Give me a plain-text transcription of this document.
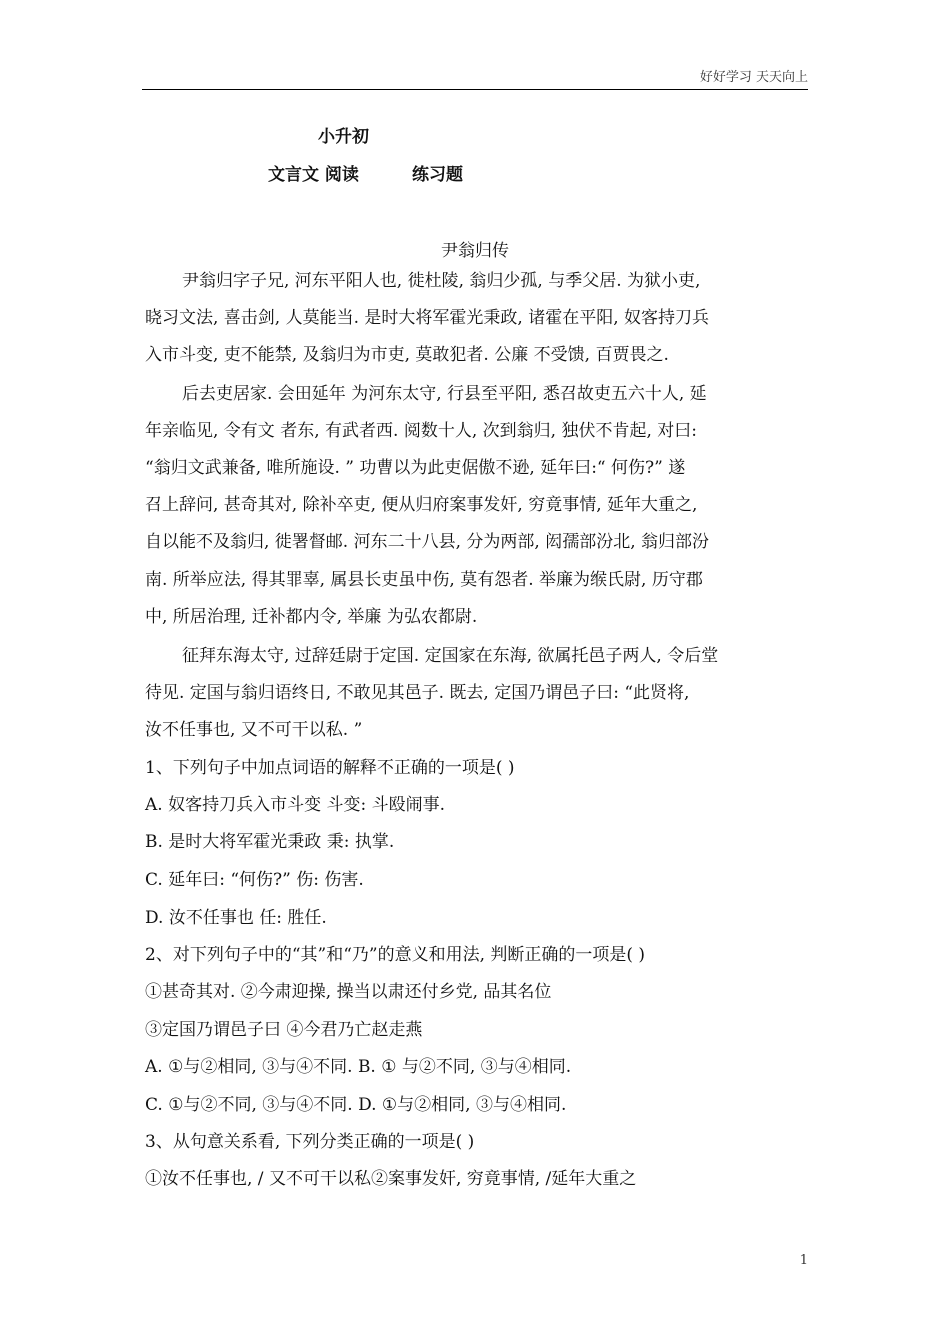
好好学习 天天向上
小升初
文言文 阅读	练习题
尹翁归传
尹翁归字子兄, 河东平阳人也, 徙杜陵, 翁归少孤, 与季父居. 为狱小吏,
晓习文法, 喜击剑, 人莫能当. 是时大将军霍光秉政, 诸霍在平阳, 奴客持刀兵
入市斗变, 吏不能禁, 及翁归为市吏, 莫敢犯者. 公廉 不受馈, 百贾畏之.
后去吏居家. 会田延年 为河东太守, 行县至平阳, 悉召故吏五六十人, 延
年亲临见, 令有文 者东, 有武者西. 阅数十人, 次到翁归, 独伏不肯起, 对曰:
“翁归文武兼备, 唯所施设. ” 功曹以为此吏倨傲不逊, 延年曰:“ 何伤?” 遂
召上辞问, 甚奇其对, 除补卒吏, 便从归府案事发奸, 穷竟事情, 延年大重之,
自以能不及翁归, 徙署督邮. 河东二十八县, 分为两部, 闳孺部汾北, 翁归部汾
南. 所举应法, 得其罪辜, 属县长吏虽中伤, 莫有怨者. 举廉为缑氏尉, 历守郡
中, 所居治理, 迁补都内令, 举廉 为弘农都尉.
征拜东海太守, 过辞廷尉于定国. 定国家在东海, 欲属托邑子两人, 令后堂
待见. 定国与翁归语终日, 不敢见其邑子. 既去, 定国乃谓邑子曰: “此贤将,
汝不任事也, 又不可干以私. ”
1、下列句子中加点词语的解释不正确的一项是( )
A. 奴客持刀兵入市斗变 斗变: 斗殴闹事.
B. 是时大将军霍光秉政 秉: 执掌.
C. 延年曰: “何伤?” 伤: 伤害.
D. 汝不任事也 任: 胜任.
2、对下列句子中的“其”和“乃”的意义和用法, 判断正确的一项是( )
①甚奇其对. ②今肃迎操, 操当以肃还付乡党, 品其名位
③定国乃谓邑子曰 ④今君乃亡赵走燕
A. ①与②相同, ③与④不同. B. ① 与②不同, ③与④相同.
C. ①与②不同, ③与④不同. D. ①与②相同, ③与④相同.
3、从句意关系看, 下列分类正确的一项是( )
①汝不任事也, / 又不可干以私②案事发奸, 穷竟事情, /延年大重之
1
